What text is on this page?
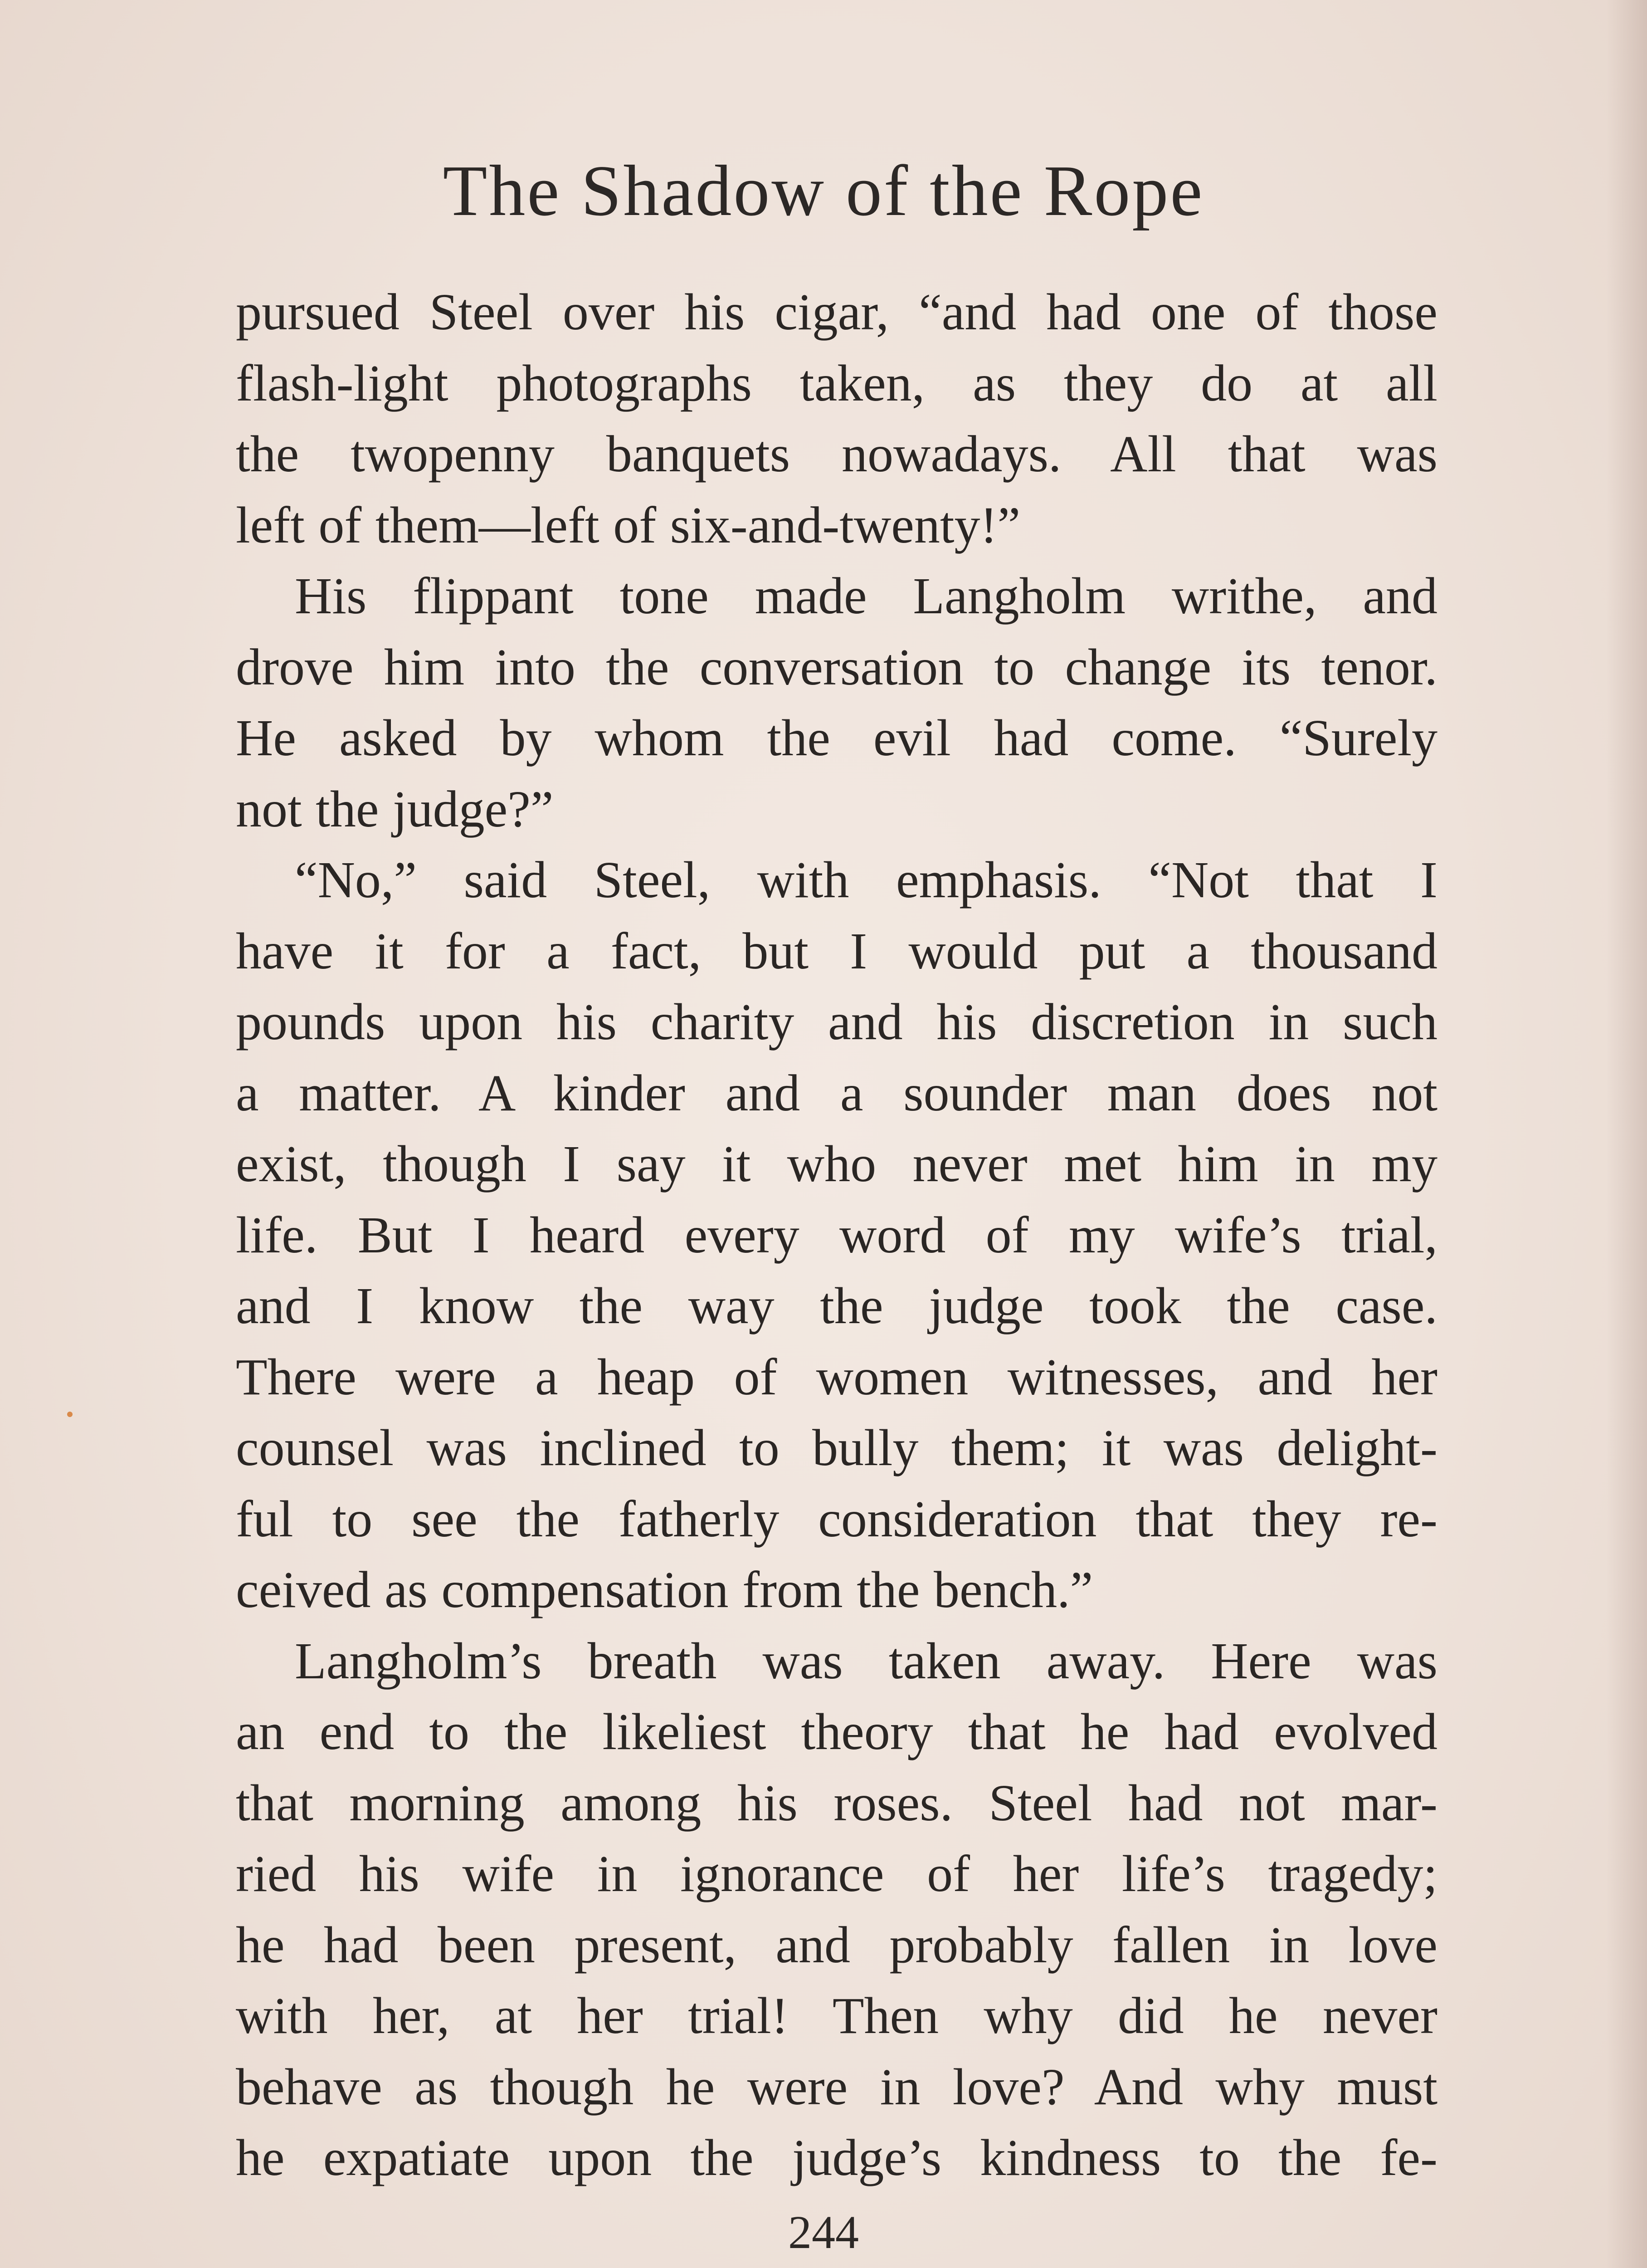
The Shadow of the Rope
pursued Steel over his cigar, “and had one of those
flash-light photographs taken, as they do at all
the twopenny banquets nowadays. All that was
left of them—left of six-and-twenty!”
His flippant tone made Langholm writhe, and
drove him into the conversation to change its tenor.
He asked by whom the evil had come. “Surely
not the judge?”
“No,” said Steel, with emphasis. “Not that I
have it for a fact, but I would put a thousand
pounds upon his charity and his discretion in such
a matter. A kinder and a sounder man does not
exist, though I say it who never met him in my
life. But I heard every word of my wife’s trial,
and I know the way the judge took the case.
There were a heap of women witnesses, and her
counsel was inclined to bully them; it was delight-
ful to see the fatherly consideration that they re-
ceived as compensation from the bench.”
Langholm’s breath was taken away. Here was
an end to the likeliest theory that he had evolved
that morning among his roses. Steel had not mar-
ried his wife in ignorance of her life’s tragedy;
he had been present, and probably fallen in love
with her, at her trial! Then why did he never
behave as though he were in love? And why must
he expatiate upon the judge’s kindness to the fe-
244
